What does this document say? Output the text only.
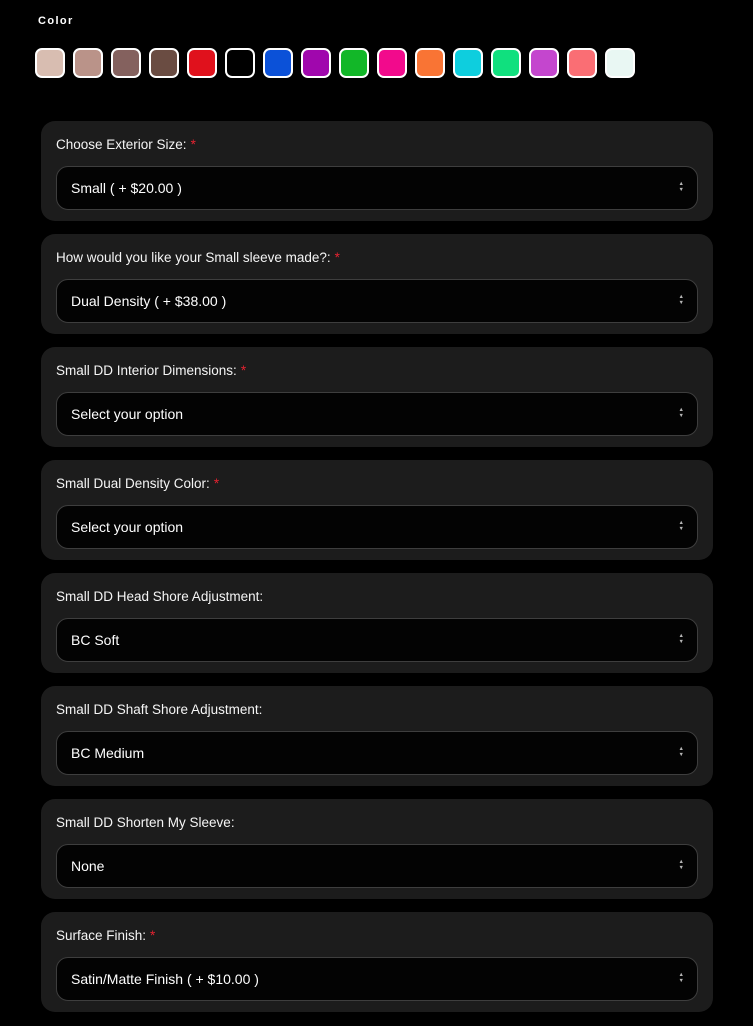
Color
Choose Exterior Size: *
Small ( + $20.00 )	▲
▼
How would you like your Small sleeve made?: *
Dual Density ( + $38.00 )	▲
▼
Small DD Interior Dimensions: *
Select your option	▲
▼
Small Dual Density Color: *
Select your option	▲
▼
Small DD Head Shore Adjustment:
BC Soft	▲
▼
Small DD Shaft Shore Adjustment:
BC Medium	▲
▼
Small DD Shorten My Sleeve:
None	▲
▼
Surface Finish: *
Satin/Matte Finish ( + $10.00 )	▲
▼
